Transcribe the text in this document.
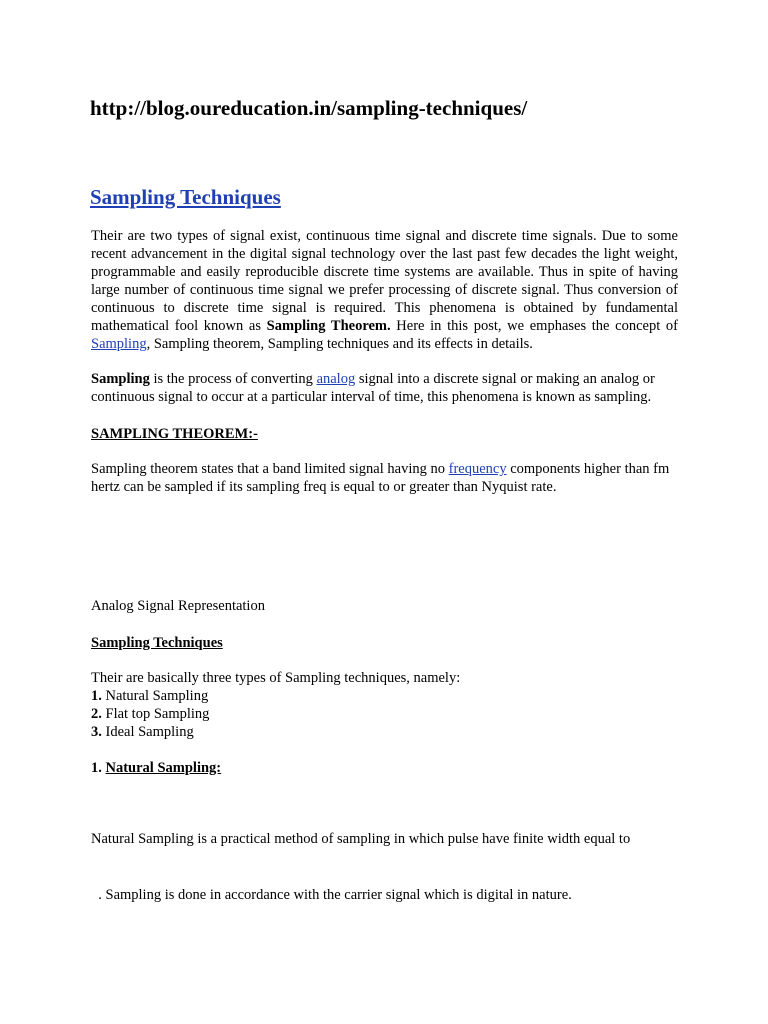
http://blog.oureducation.in/sampling-techniques/

Sampling Techniques

Their are two types of signal exist, continuous time signal and discrete time signals. Due to some recent advancement in the digital signal technology over the last past few decades the light weight, programmable and easily reproducible discrete time systems are available. Thus in spite of having large number of continuous time signal we prefer processing of discrete signal. Thus conversion of continuous to discrete time signal is required. This phenomena is obtained by fundamental mathematical fool known as Sampling Theorem. Here in this post, we emphases the concept of Sampling, Sampling theorem, Sampling techniques and its effects in details.

Sampling is the process of converting analog signal into a discrete signal or making an analog or continuous signal to occur at a particular interval of time, this phenomena is known as sampling.

SAMPLING THEOREM:-

Sampling theorem states that a band limited signal having no frequency components higher than fm hertz can be sampled if its sampling freq is equal to or greater than Nyquist rate.

Analog Signal Representation

Sampling Techniques

Their are basically three types of Sampling techniques, namely:
1. Natural Sampling
2. Flat top Sampling
3. Ideal Sampling

1. Natural Sampling:

Natural Sampling is a practical method of sampling in which pulse have finite width equal to

. Sampling is done in accordance with the carrier signal which is digital in nature.
